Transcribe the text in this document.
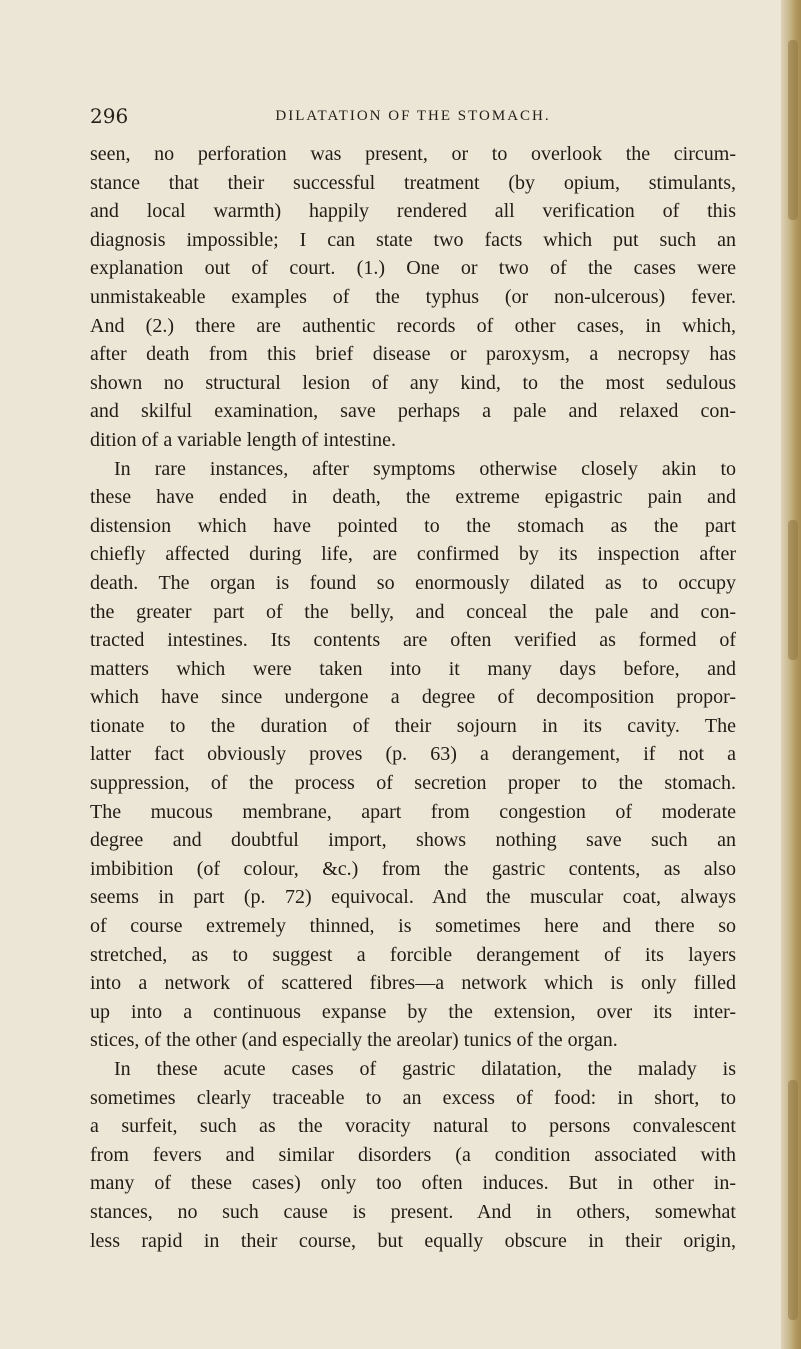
296	DILATATION OF THE STOMACH.
seen, no perforation was present, or to overlook the circum-
stance that their successful treatment (by opium, stimulants,
and local warmth) happily rendered all verification of this
diagnosis impossible; I can state two facts which put such an
explanation out of court. (1.) One or two of the cases were
unmistakeable examples of the typhus (or non-ulcerous) fever.
And (2.) there are authentic records of other cases, in which,
after death from this brief disease or paroxysm, a necropsy has
shown no structural lesion of any kind, to the most sedulous
and skilful examination, save perhaps a pale and relaxed con-
dition of a variable length of intestine.
In rare instances, after symptoms otherwise closely akin to
these have ended in death, the extreme epigastric pain and
distension which have pointed to the stomach as the part
chiefly affected during life, are confirmed by its inspection after
death. The organ is found so enormously dilated as to occupy
the greater part of the belly, and conceal the pale and con-
tracted intestines. Its contents are often verified as formed of
matters which were taken into it many days before, and
which have since undergone a degree of decomposition propor-
tionate to the duration of their sojourn in its cavity. The
latter fact obviously proves (p. 63) a derangement, if not a
suppression, of the process of secretion proper to the stomach.
The mucous membrane, apart from congestion of moderate
degree and doubtful import, shows nothing save such an
imbibition (of colour, &c.) from the gastric contents, as also
seems in part (p. 72) equivocal. And the muscular coat, always
of course extremely thinned, is sometimes here and there so
stretched, as to suggest a forcible derangement of its layers
into a network of scattered fibres—a network which is only filled
up into a continuous expanse by the extension, over its inter-
stices, of the other (and especially the areolar) tunics of the organ.
In these acute cases of gastric dilatation, the malady is
sometimes clearly traceable to an excess of food: in short, to
a surfeit, such as the voracity natural to persons convalescent
from fevers and similar disorders (a condition associated with
many of these cases) only too often induces. But in other in-
stances, no such cause is present. And in others, somewhat
less rapid in their course, but equally obscure in their origin,
